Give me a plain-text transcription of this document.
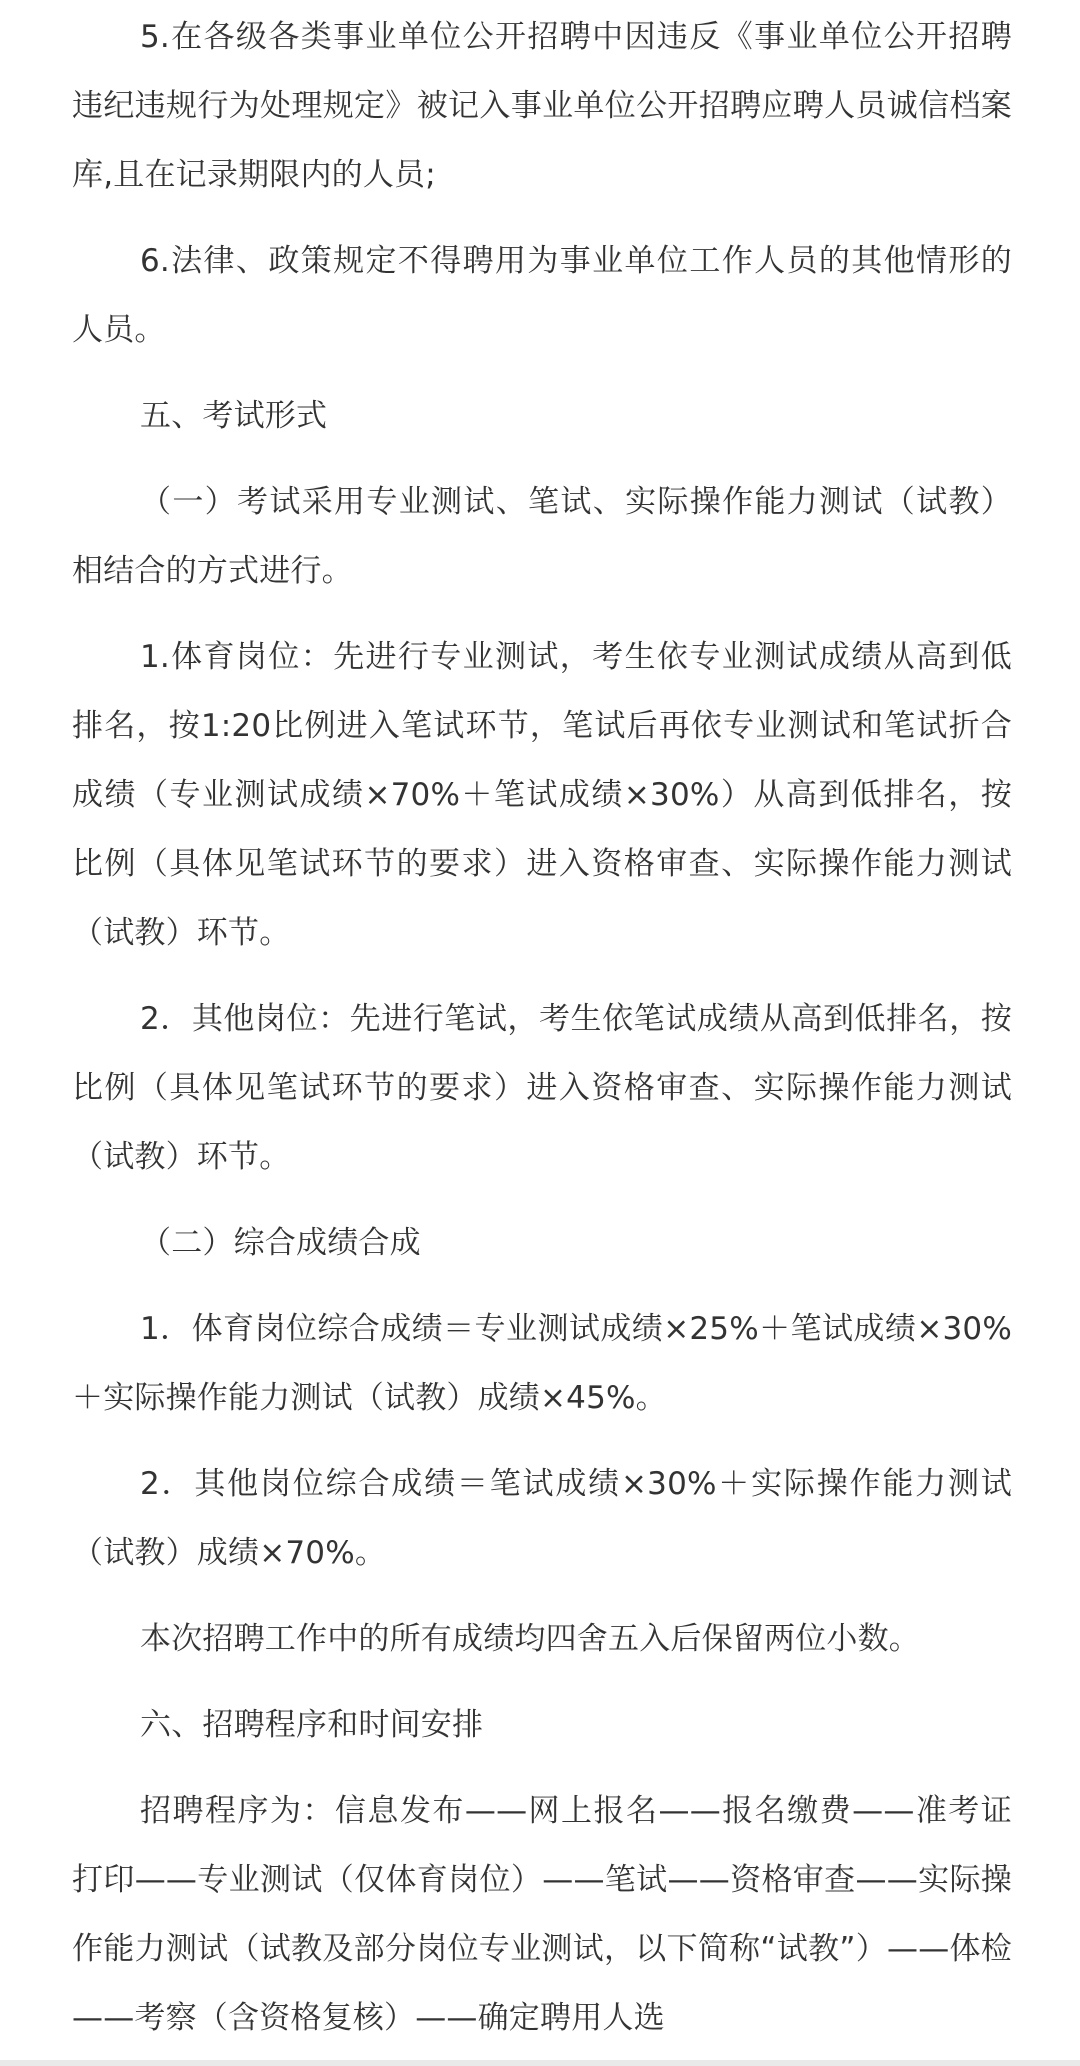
5.在各级各类事业单位公开招聘中因违反《事业单位公开招聘违纪违规行为处理规定》被记入事业单位公开招聘应聘人员诚信档案库,且在记录期限内的人员;

6.法律、政策规定不得聘用为事业单位工作人员的其他情形的人员。

五、考试形式

（一）考试采用专业测试、笔试、实际操作能力测试（试教）相结合的方式进行。

1.体育岗位：先进行专业测试，考生依专业测试成绩从高到低排名，按1:20比例进入笔试环节，笔试后再依专业测试和笔试折合成绩（专业测试成绩×70%＋笔试成绩×30%）从高到低排名，按比例（具体见笔试环节的要求）进入资格审查、实际操作能力测试（试教）环节。

2．其他岗位：先进行笔试，考生依笔试成绩从高到低排名，按比例（具体见笔试环节的要求）进入资格审查、实际操作能力测试（试教）环节。

（二）综合成绩合成

1．体育岗位综合成绩＝专业测试成绩×25%＋笔试成绩×30%＋实际操作能力测试（试教）成绩×45%。

2．其他岗位综合成绩＝笔试成绩×30%＋实际操作能力测试（试教）成绩×70%。

本次招聘工作中的所有成绩均四舍五入后保留两位小数。

六、招聘程序和时间安排

招聘程序为：信息发布——网上报名——报名缴费——准考证打印——专业测试（仅体育岗位）——笔试——资格审查——实际操作能力测试（试教及部分岗位专业测试，以下简称“试教”）——体检——考察（含资格复核）——确定聘用人选
